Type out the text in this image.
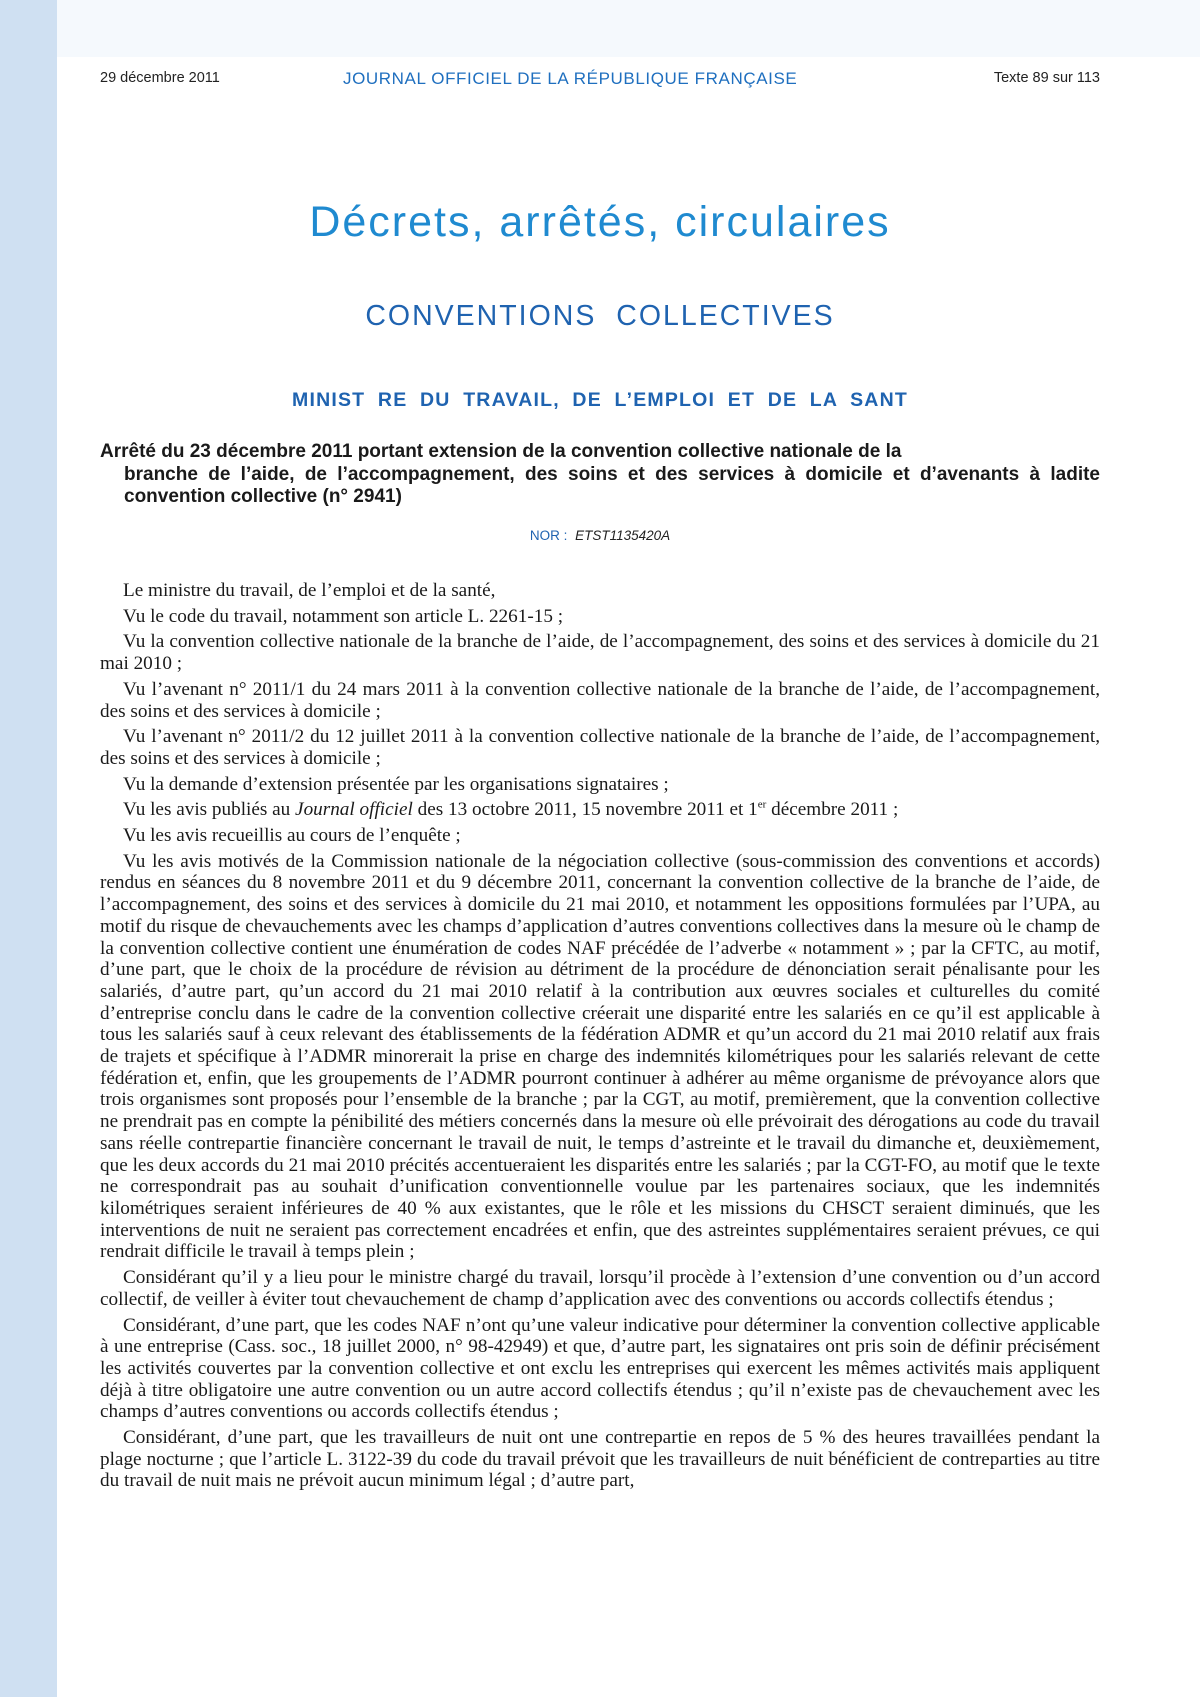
29 décembre 2011	JOURNAL OFFICIEL DE LA RÉPUBLIQUE FRANÇAISE	Texte 89 sur 113
Décrets, arrêtés, circulaires
CONVENTIONS COLLECTIVES
MINIST RE DU TRAVAIL, DE L’EMPLOI ET DE LA SANT
Arrêté du 23 décembre 2011 portant extension de la convention collective nationale de la
branche de l’aide, de l’accompagnement, des soins et des services à domicile et d’avenants à ladite convention collective (n° 2941)
NOR : ETST1135420A

Le ministre du travail, de l’emploi et de la santé,

Vu le code du travail, notamment son article L. 2261-15 ;

Vu la convention collective nationale de la branche de l’aide, de l’accompagnement, des soins et des services à domicile du 21 mai 2010 ;

Vu l’avenant n° 2011/1 du 24 mars 2011 à la convention collective nationale de la branche de l’aide, de l’accompagnement, des soins et des services à domicile ;

Vu l’avenant n° 2011/2 du 12 juillet 2011 à la convention collective nationale de la branche de l’aide, de l’accompagnement, des soins et des services à domicile ;

Vu la demande d’extension présentée par les organisations signataires ;

Vu les avis publiés au Journal officiel des 13 octobre 2011, 15 novembre 2011 et 1er décembre 2011 ;

Vu les avis recueillis au cours de l’enquête ;

Vu les avis motivés de la Commission nationale de la négociation collective (sous-commission des conventions et accords) rendus en séances du 8 novembre 2011 et du 9 décembre 2011, concernant la convention collective de la branche de l’aide, de l’accompagnement, des soins et des services à domicile du 21 mai 2010, et notamment les oppositions formulées par l’UPA, au motif du risque de chevauchements avec les champs d’application d’autres conventions collectives dans la mesure où le champ de la convention collective contient une énumération de codes NAF précédée de l’adverbe « notamment » ; par la CFTC, au motif, d’une part, que le choix de la procédure de révision au détriment de la procédure de dénonciation serait pénalisante pour les salariés, d’autre part, qu’un accord du 21 mai 2010 relatif à la contribution aux œuvres sociales et culturelles du comité d’entreprise conclu dans le cadre de la convention collective créerait une disparité entre les salariés en ce qu’il est applicable à tous les salariés sauf à ceux relevant des établissements de la fédération ADMR et qu’un accord du 21 mai 2010 relatif aux frais de trajets et spécifique à l’ADMR minorerait la prise en charge des indemnités kilométriques pour les salariés relevant de cette fédération et, enfin, que les groupements de l’ADMR pourront continuer à adhérer au même organisme de prévoyance alors que trois organismes sont proposés pour l’ensemble de la branche ; par la CGT, au motif, premièrement, que la convention collective ne prendrait pas en compte la pénibilité des métiers concernés dans la mesure où elle prévoirait des dérogations au code du travail sans réelle contrepartie financière concernant le travail de nuit, le temps d’astreinte et le travail du dimanche et, deuxièmement, que les deux accords du 21 mai 2010 précités accentueraient les disparités entre les salariés ; par la CGT-FO, au motif que le texte ne correspondrait pas au souhait d’unification conventionnelle voulue par les partenaires sociaux, que les indemnités kilométriques seraient inférieures de 40 % aux existantes, que le rôle et les missions du CHSCT seraient diminués, que les interventions de nuit ne seraient pas correctement encadrées et enfin, que des astreintes supplémentaires seraient prévues, ce qui rendrait difficile le travail à temps plein ;

Considérant qu’il y a lieu pour le ministre chargé du travail, lorsqu’il procède à l’extension d’une convention ou d’un accord collectif, de veiller à éviter tout chevauchement de champ d’application avec des conventions ou accords collectifs étendus ;

Considérant, d’une part, que les codes NAF n’ont qu’une valeur indicative pour déterminer la convention collective applicable à une entreprise (Cass. soc., 18 juillet 2000, n° 98-42949) et que, d’autre part, les signataires ont pris soin de définir précisément les activités couvertes par la convention collective et ont exclu les entreprises qui exercent les mêmes activités mais appliquent déjà à titre obligatoire une autre convention ou un autre accord collectifs étendus ; qu’il n’existe pas de chevauchement avec les champs d’autres conventions ou accords collectifs étendus ;

Considérant, d’une part, que les travailleurs de nuit ont une contrepartie en repos de 5 % des heures travaillées pendant la plage nocturne ; que l’article L. 3122-39 du code du travail prévoit que les travailleurs de nuit bénéficient de contreparties au titre du travail de nuit mais ne prévoit aucun minimum légal ; d’autre part,
